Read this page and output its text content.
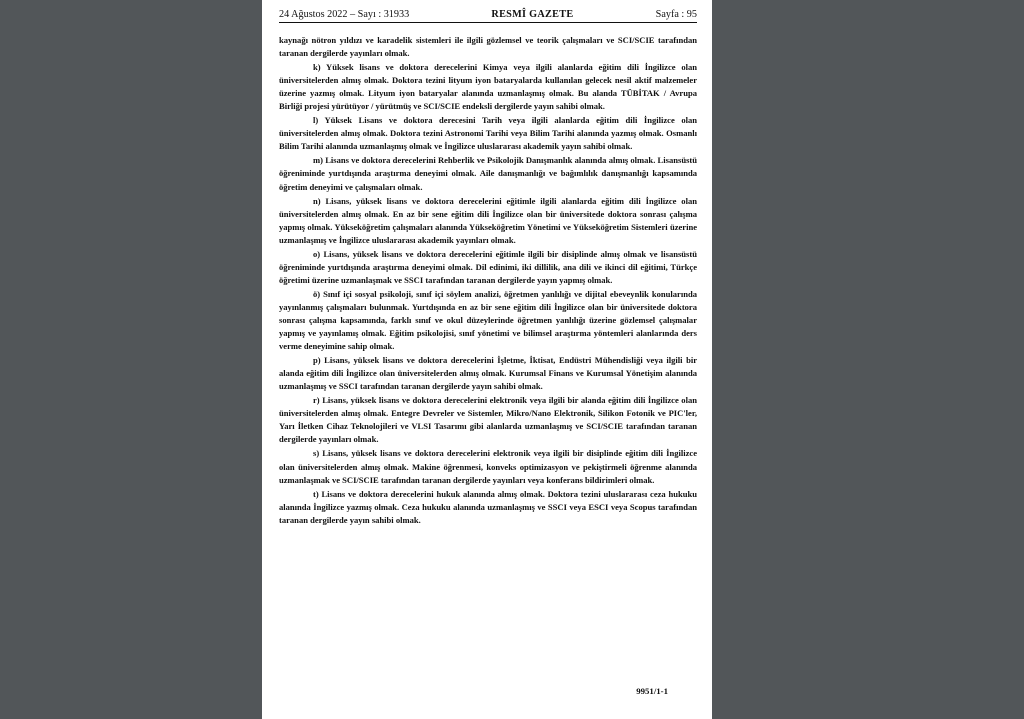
24 Ağustos 2022 – Sayı : 31933	RESMÎ GAZETE	Sayfa : 95

kaynağı nötron yıldızı ve karadelik sistemleri ile ilgili gözlemsel ve teorik çalışmaları ve SCI/SCIE tarafından taranan dergilerde yayınları olmak.

k) Yüksek lisans ve doktora derecelerini Kimya veya ilgili alanlarda eğitim dili İngilizce olan üniversitelerden almış olmak. Doktora tezini lityum iyon bataryalarda kullanılan gelecek nesil aktif malzemeler üzerine yazmış olmak. Lityum iyon bataryalar alanında uzmanlaşmış olmak. Bu alanda TÜBİTAK / Avrupa Birliği projesi yürütüyor / yürütmüş ve SCI/SCIE endeksli dergilerde yayın sahibi olmak.

l) Yüksek Lisans ve doktora derecesini Tarih veya ilgili alanlarda eğitim dili İngilizce olan üniversitelerden almış olmak. Doktora tezini Astronomi Tarihi veya Bilim Tarihi alanında yazmış olmak. Osmanlı Bilim Tarihi alanında uzmanlaşmış olmak ve İngilizce uluslararası akademik yayın sahibi olmak.

m) Lisans ve doktora derecelerini Rehberlik ve Psikolojik Danışmanlık alanında almış olmak. Lisansüstü öğreniminde yurtdışında araştırma deneyimi olmak. Aile danışmanlığı ve bağımlılık danışmanlığı kapsamında öğretim deneyimi ve çalışmaları olmak.

n) Lisans, yüksek lisans ve doktora derecelerini eğitimle ilgili alanlarda eğitim dili İngilizce olan üniversitelerden almış olmak. En az bir sene eğitim dili İngilizce olan bir üniversitede doktora sonrası çalışma yapmış olmak. Yükseköğretim çalışmaları alanında Yükseköğretim Yönetimi ve Yükseköğretim Sistemleri üzerine uzmanlaşmış ve İngilizce uluslararası akademik yayınları olmak.

o) Lisans, yüksek lisans ve doktora derecelerini eğitimle ilgili bir disiplinde almış olmak ve lisansüstü öğreniminde yurtdışında araştırma deneyimi olmak. Dil edinimi, iki dillilik, ana dili ve ikinci dil eğitimi, Türkçe öğretimi üzerine uzmanlaşmak ve SSCI tarafından taranan dergilerde yayın yapmış olmak.

ö) Sınıf içi sosyal psikoloji, sınıf içi söylem analizi, öğretmen yanlılığı ve dijital ebeveynlik konularında yayınlanmış çalışmaları bulunmak. Yurtdışında en az bir sene eğitim dili İngilizce olan bir üniversitede doktora sonrası çalışma kapsamında, farklı sınıf ve okul düzeylerinde öğretmen yanlılığı üzerine gözlemsel çalışmalar yapmış ve yayınlamış olmak. Eğitim psikolojisi, sınıf yönetimi ve bilimsel araştırma yöntemleri alanlarında ders verme deneyimine sahip olmak.

p) Lisans, yüksek lisans ve doktora derecelerini İşletme, İktisat, Endüstri Mühendisliği veya ilgili bir alanda eğitim dili İngilizce olan üniversitelerden almış olmak. Kurumsal Finans ve Kurumsal Yönetişim alanında uzmanlaşmış ve SSCI tarafından taranan dergilerde yayın sahibi olmak.

r) Lisans, yüksek lisans ve doktora derecelerini elektronik veya ilgili bir alanda eğitim dili İngilizce olan üniversitelerden almış olmak. Entegre Devreler ve Sistemler, Mikro/Nano Elektronik, Silikon Fotonik ve PIC'ler, Yarı İletken Cihaz Teknolojileri ve VLSI Tasarımı gibi alanlarda uzmanlaşmış ve SCI/SCIE tarafından taranan dergilerde yayınları olmak.

s) Lisans, yüksek lisans ve doktora derecelerini elektronik veya ilgili bir disiplinde eğitim dili İngilizce olan üniversitelerden almış olmak. Makine öğrenmesi, konveks optimizasyon ve pekiştirmeli öğrenme alanında uzmanlaşmak ve SCI/SCIE tarafından taranan dergilerde yayınları veya konferans bildirimleri olmak.

t) Lisans ve doktora derecelerini hukuk alanında almış olmak. Doktora tezini uluslararası ceza hukuku alanında İngilizce yazmış olmak. Ceza hukuku alanında uzmanlaşmış ve SSCI veya ESCI veya Scopus tarafından taranan dergilerde yayın sahibi olmak.

9951/1-1
